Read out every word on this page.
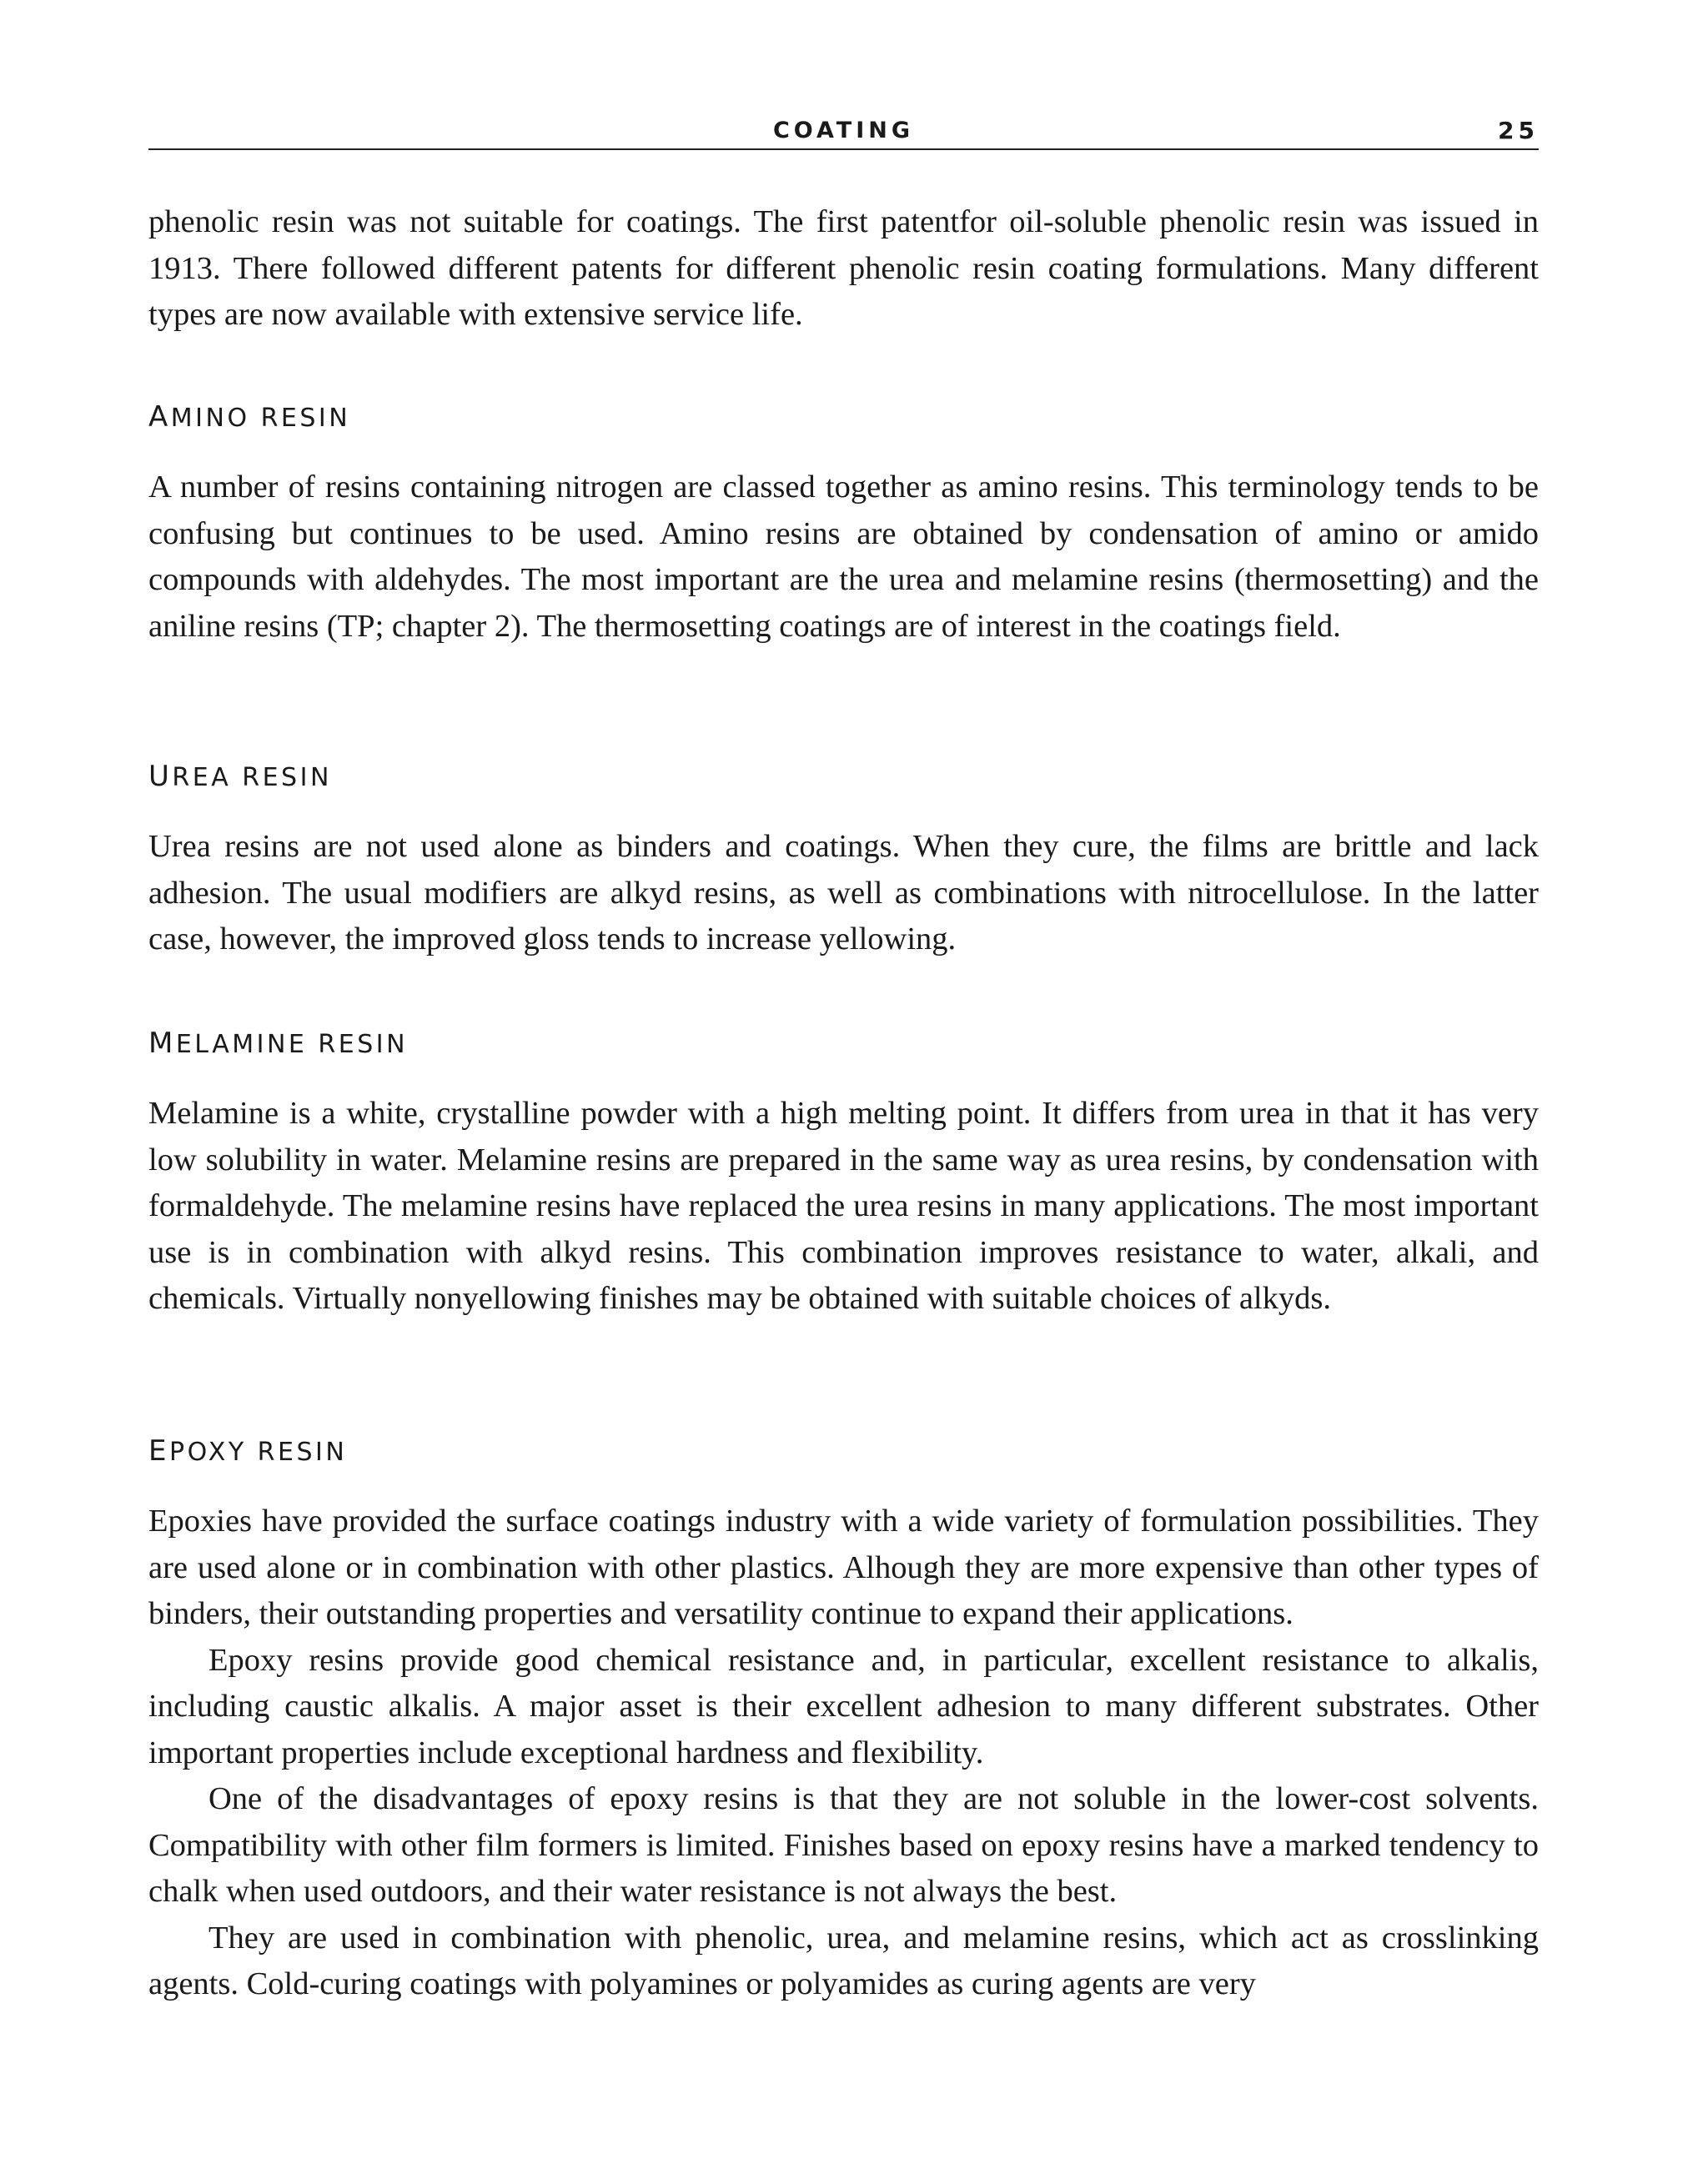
COATING	25

phenolic resin was not suitable for coatings. The first patentfor oil-soluble phenolic resin was issued in 1913. There followed different patents for different phenolic resin coating formulations. Many different types are now available with extensive service life.

AMINO RESIN

A number of resins containing nitrogen are classed together as amino resins. This terminology tends to be confusing but continues to be used. Amino resins are obtained by condensation of amino or amido compounds with aldehydes. The most important are the urea and melamine resins (thermosetting) and the aniline resins (TP; chapter 2). The thermosetting coatings are of interest in the coatings field.

UREA RESIN

Urea resins are not used alone as binders and coatings. When they cure, the films are brittle and lack adhesion. The usual modifiers are alkyd resins, as well as combinations with nitrocellulose. In the latter case, however, the improved gloss tends to increase yellowing.

MELAMINE RESIN

Melamine is a white, crystalline powder with a high melting point. It differs from urea in that it has very low solubility in water. Melamine resins are prepared in the same way as urea resins, by condensation with formaldehyde. The melamine resins have replaced the urea resins in many applications. The most important use is in combination with alkyd resins. This combination improves resistance to water, alkali, and chemicals. Virtually nonyellowing finishes may be obtained with suitable choices of alkyds.

EPOXY RESIN

Epoxies have provided the surface coatings industry with a wide variety of formulation possibilities. They are used alone or in combination with other plastics. Alhough they are more expensive than other types of binders, their outstanding properties and versatility continue to expand their applications.

Epoxy resins provide good chemical resistance and, in particular, excellent resistance to alkalis, including caustic alkalis. A major asset is their excellent adhesion to many different substrates. Other important properties include exceptional hardness and flexibility.

One of the disadvantages of epoxy resins is that they are not soluble in the lower-cost solvents. Compatibility with other film formers is limited. Finishes based on epoxy resins have a marked tendency to chalk when used outdoors, and their water resistance is not always the best.

They are used in combination with phenolic, urea, and melamine resins, which act as crosslinking agents. Cold-curing coatings with polyamines or polyamides as curing agents are very
